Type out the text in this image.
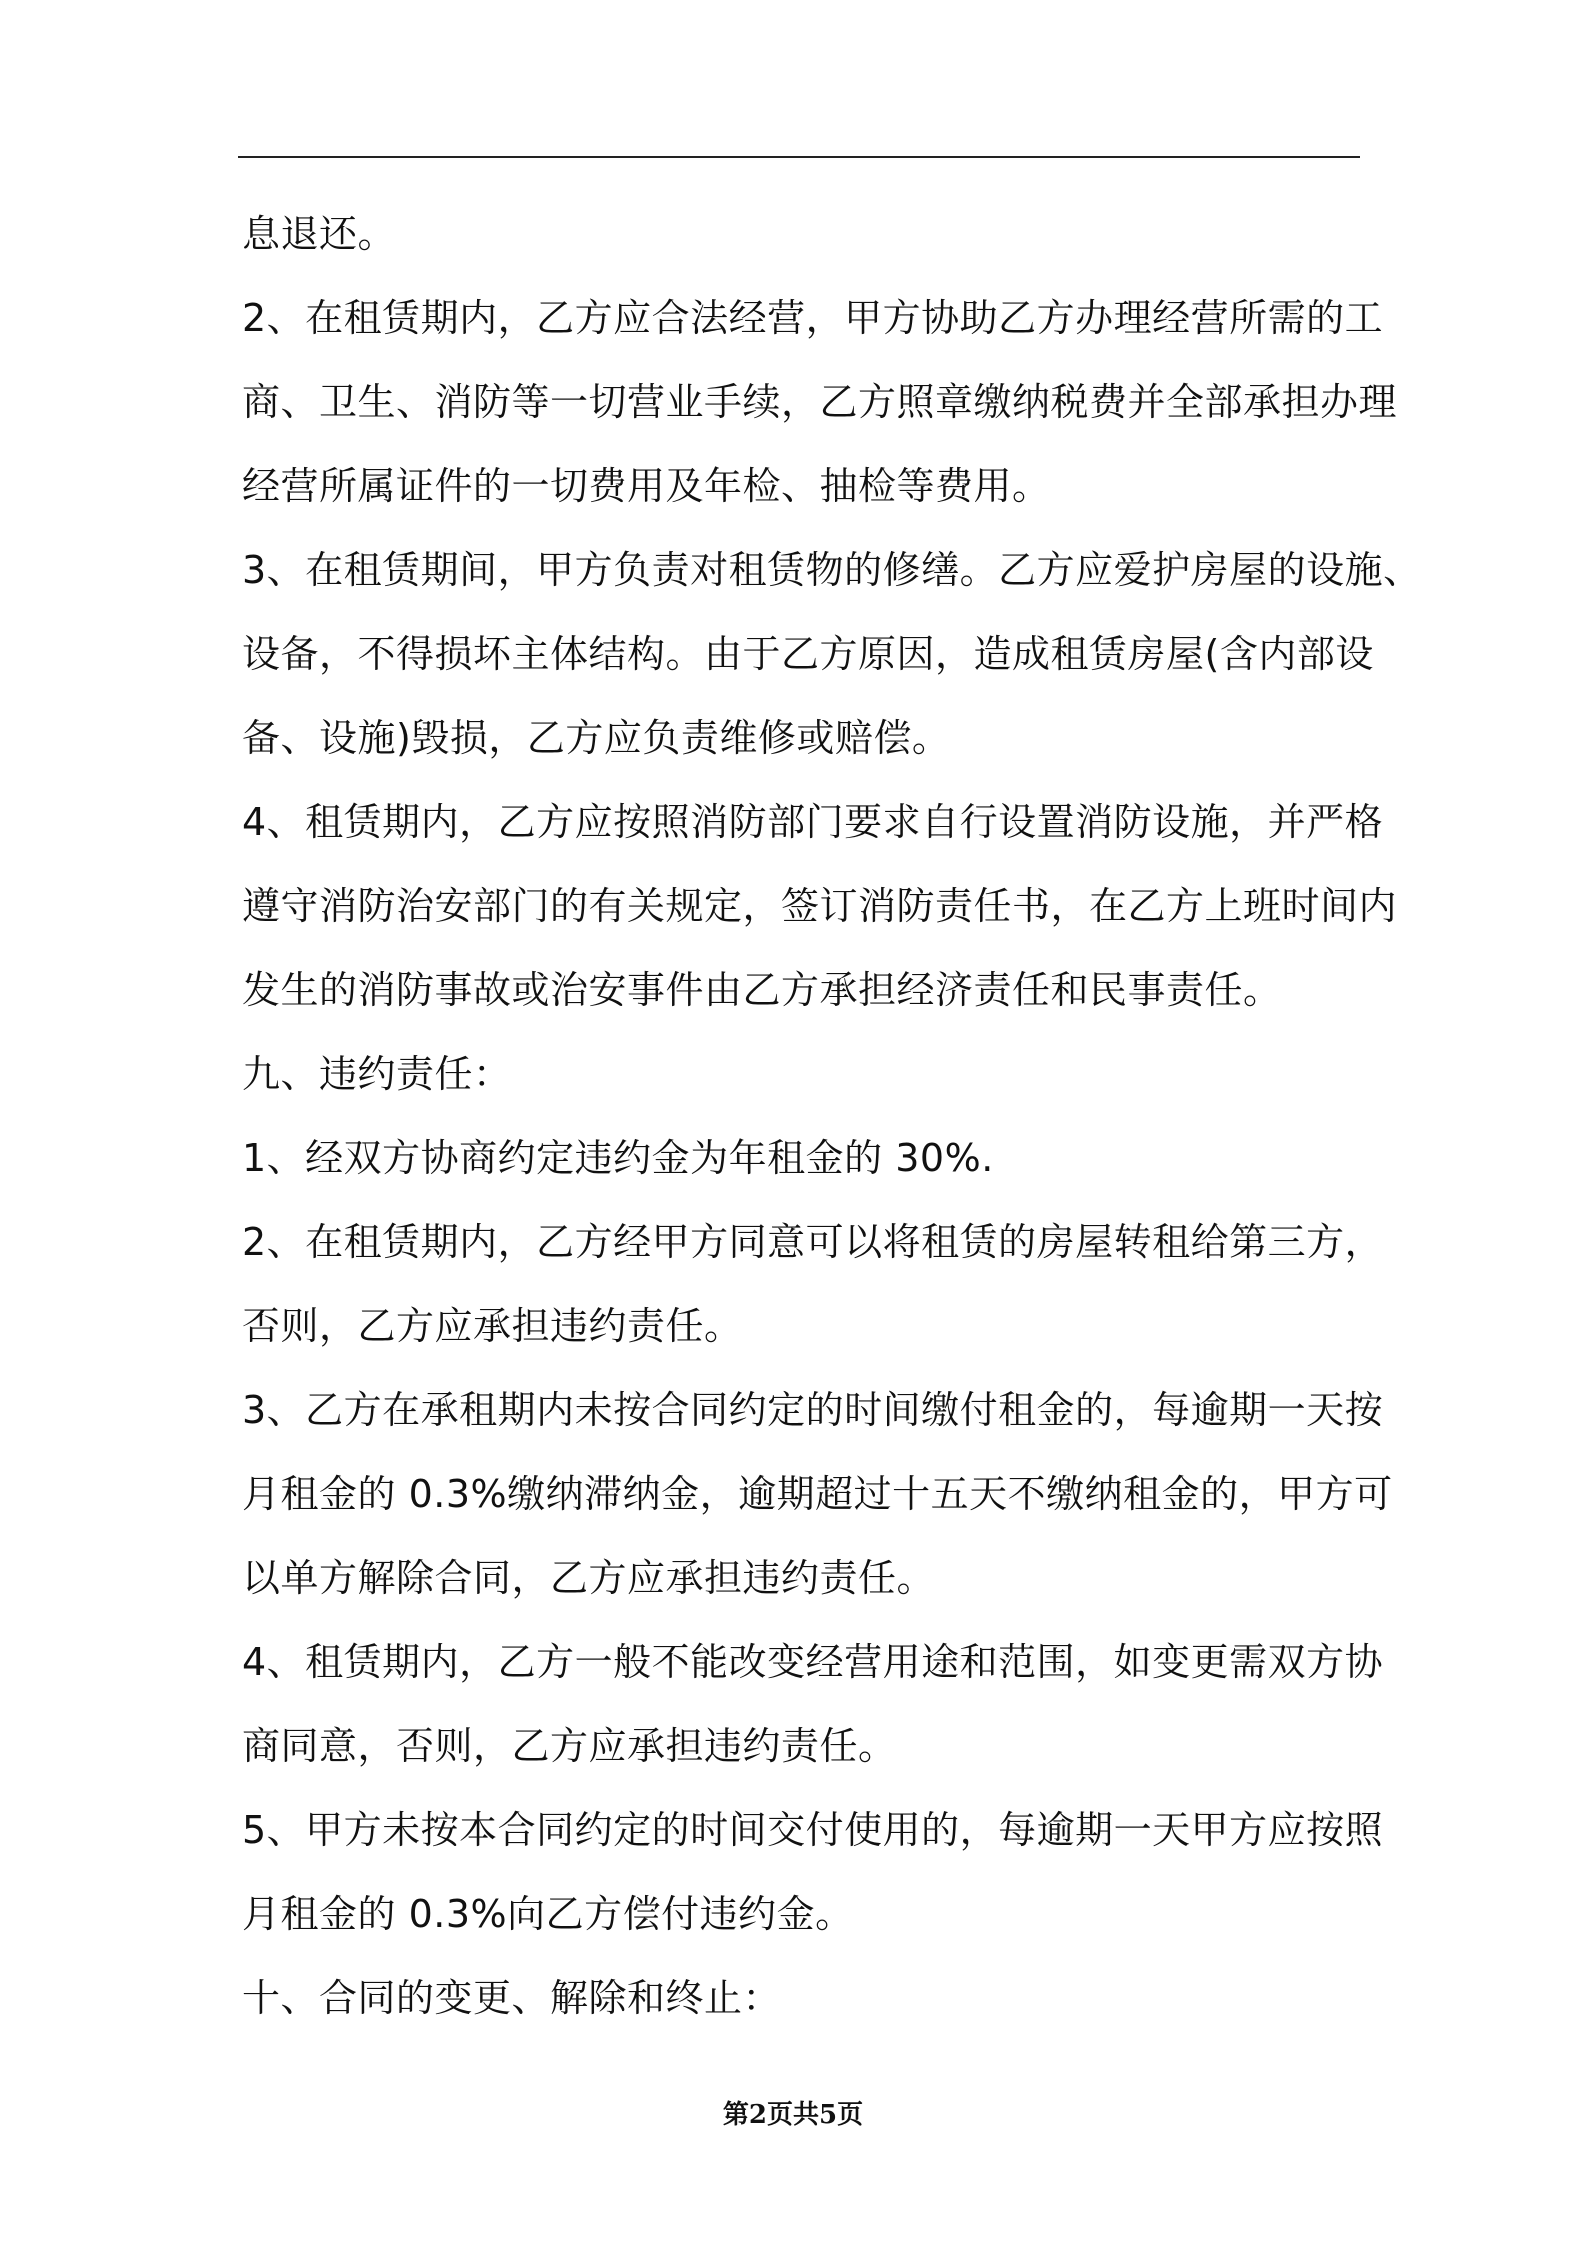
息退还。
2、在租赁期内，乙方应合法经营，甲方协助乙方办理经营所需的工
商、卫生、消防等一切营业手续，乙方照章缴纳税费并全部承担办理
经营所属证件的一切费用及年检、抽检等费用。
3、在租赁期间，甲方负责对租赁物的修缮。乙方应爱护房屋的设施、
设备，不得损坏主体结构。由于乙方原因，造成租赁房屋(含内部设
备、设施)毁损，乙方应负责维修或赔偿。
4、租赁期内，乙方应按照消防部门要求自行设置消防设施，并严格
遵守消防治安部门的有关规定，签订消防责任书，在乙方上班时间内
发生的消防事故或治安事件由乙方承担经济责任和民事责任。
九、违约责任：
1、经双方协商约定违约金为年租金的 30%.
2、在租赁期内，乙方经甲方同意可以将租赁的房屋转租给第三方，
否则，乙方应承担违约责任。
3、乙方在承租期内未按合同约定的时间缴付租金的，每逾期一天按
月租金的 0.3%缴纳滞纳金，逾期超过十五天不缴纳租金的，甲方可
以单方解除合同，乙方应承担违约责任。
4、租赁期内，乙方一般不能改变经营用途和范围，如变更需双方协
商同意，否则，乙方应承担违约责任。
5、甲方未按本合同约定的时间交付使用的，每逾期一天甲方应按照
月租金的 0.3%向乙方偿付违约金。
十、合同的变更、解除和终止：
第2页共5页
